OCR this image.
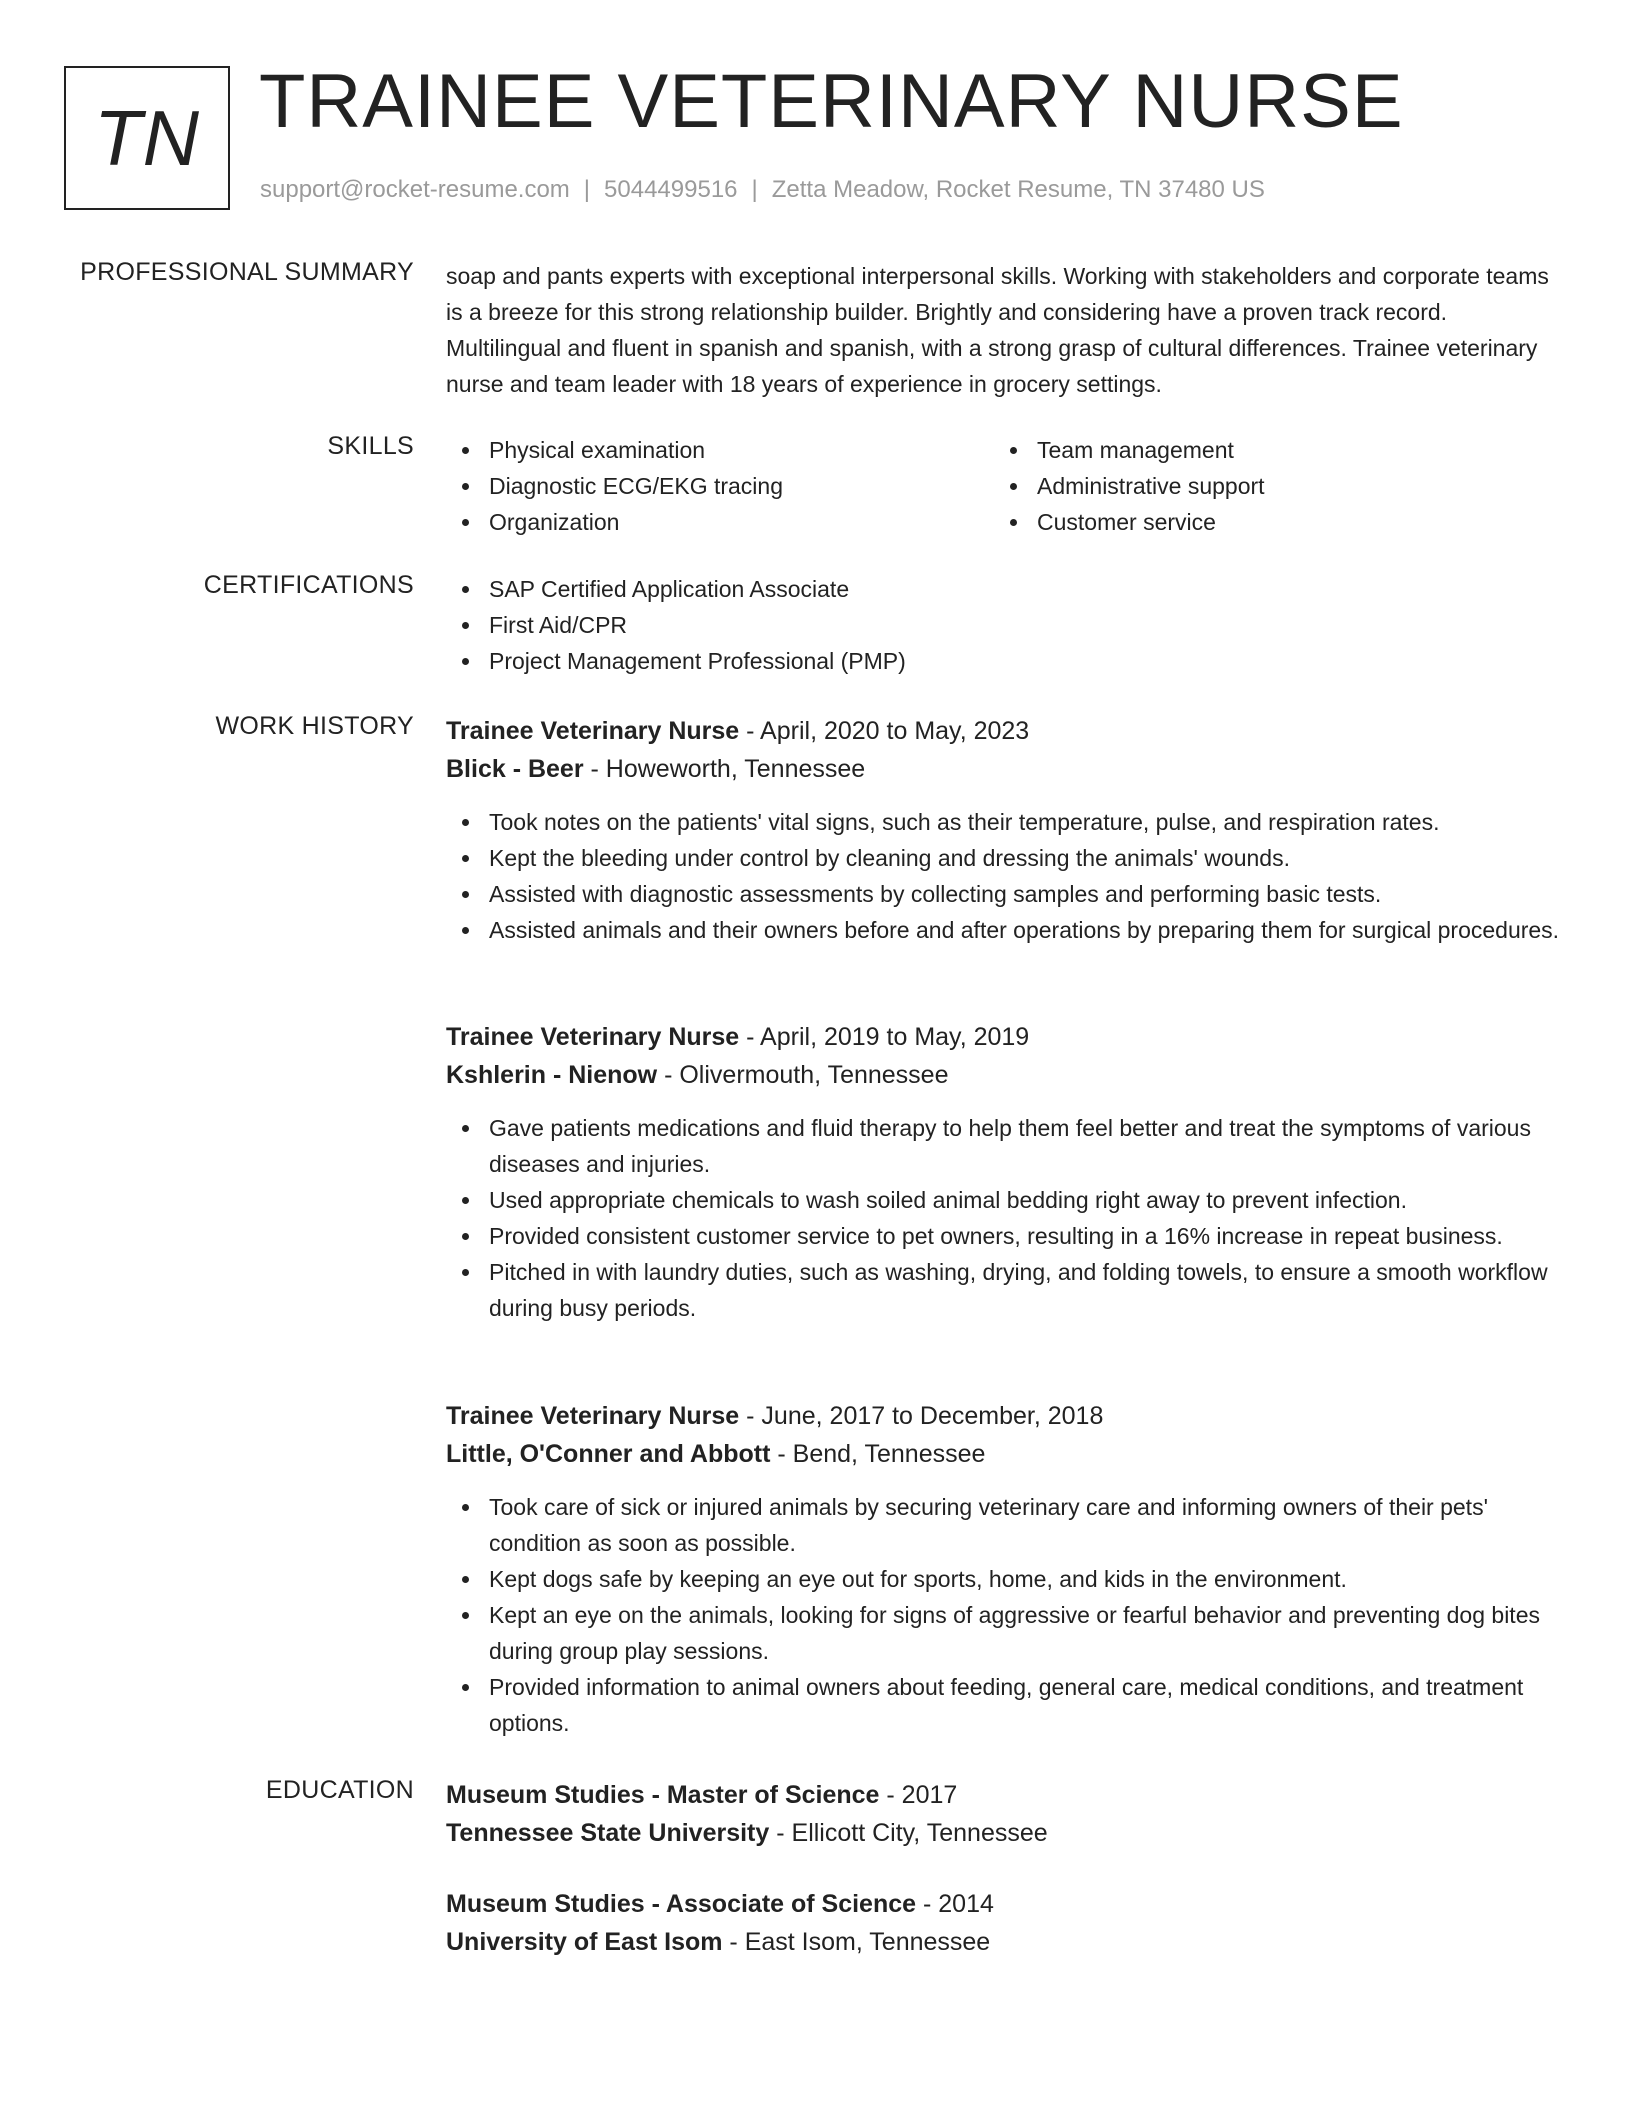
TN TRAINEE VETERINARY NURSE
support@rocket-resume.com | 5044499516 | Zetta Meadow, Rocket Resume, TN 37480 US
PROFESSIONAL SUMMARY soap and pants experts with exceptional interpersonal skills. Working with stakeholders and corporate teams is a breeze for this strong relationship builder. Brightly and considering have a proven track record. Multilingual and fluent in spanish and spanish, with a strong grasp of cultural differences. Trainee veterinary nurse and team leader with 18 years of experience in grocery settings.
SKILLS	Physical examination
Diagnostic ECG/EKG tracing
Organization
Team management
Administrative support
Customer service
CERTIFICATIONS	SAP Certified Application Associate
First Aid/CPR
Project Management Professional (PMP)
WORK HISTORY Trainee Veterinary Nurse - April, 2020 to May, 2023
Blick - Beer - Howeworth, Tennessee
Took notes on the patients' vital signs, such as their temperature, pulse, and respiration rates.
Kept the bleeding under control by cleaning and dressing the animals' wounds.
Assisted with diagnostic assessments by collecting samples and performing basic tests.
Assisted animals and their owners before and after operations by preparing them for surgical procedures.
Trainee Veterinary Nurse - April, 2019 to May, 2019
Kshlerin - Nienow - Olivermouth, Tennessee
Gave patients medications and fluid therapy to help them feel better and treat the symptoms of various diseases and injuries.
Used appropriate chemicals to wash soiled animal bedding right away to prevent infection.
Provided consistent customer service to pet owners, resulting in a 16% increase in repeat business.
Pitched in with laundry duties, such as washing, drying, and folding towels, to ensure a smooth workflow during busy periods.
Trainee Veterinary Nurse - June, 2017 to December, 2018
Little, O'Conner and Abbott - Bend, Tennessee
Took care of sick or injured animals by securing veterinary care and informing owners of their pets' condition as soon as possible.
Kept dogs safe by keeping an eye out for sports, home, and kids in the environment.
Kept an eye on the animals, looking for signs of aggressive or fearful behavior and preventing dog bites during group play sessions.
Provided information to animal owners about feeding, general care, medical conditions, and treatment options.
EDUCATION Museum Studies - Master of Science - 2017
Tennessee State University - Ellicott City, Tennessee
Museum Studies - Associate of Science - 2014
University of East Isom - East Isom, Tennessee
